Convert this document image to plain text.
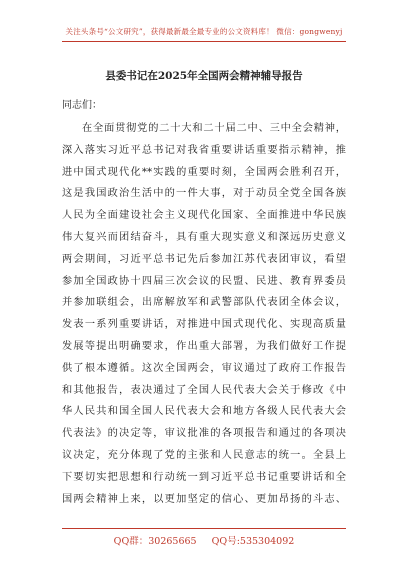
关注头条号“公文研究”，获得最新最全最专业的公文资料库！ 微信：gongwenyj
县委书记在2025年全国两会精神辅导报告
同志们：
在全面贯彻党的二十大和二十届二中、三中全会精神，
深入落实习近平总书记对我省重要讲话重要指示精神，推
进中国式现代化**实践的重要时刻，全国两会胜利召开，
这是我国政治生活中的一件大事，对于动员全党全国各族
人民为全面建设社会主义现代化国家、全面推进中华民族
伟大复兴而团结奋斗，具有重大现实意义和深远历史意义
两会期间，习近平总书记先后参加江苏代表团审议，看望
参加全国政协十四届三次会议的民盟、民进、教育界委员
并参加联组会，出席解放军和武警部队代表团全体会议，
发表一系列重要讲话，对推进中国式现代化、实现高质量
发展等提出明确要求，作出重大部署，为我们做好工作提
供了根本遵循。这次全国两会，审议通过了政府工作报告
和其他报告，表决通过了全国人民代表大会关于修改《中
华人民共和国全国人民代表大会和地方各级人民代表大会
代表法》的决定等，审议批准的各项报告和通过的各项决
议决定，充分体现了党的主张和人民意志的统一。全县上
下要切实把思想和行动统一到习近平总书记重要讲话和全
国两会精神上来，以更加坚定的信心、更加昂扬的斗志、
QQ群：30265665 QQ号:535304092
